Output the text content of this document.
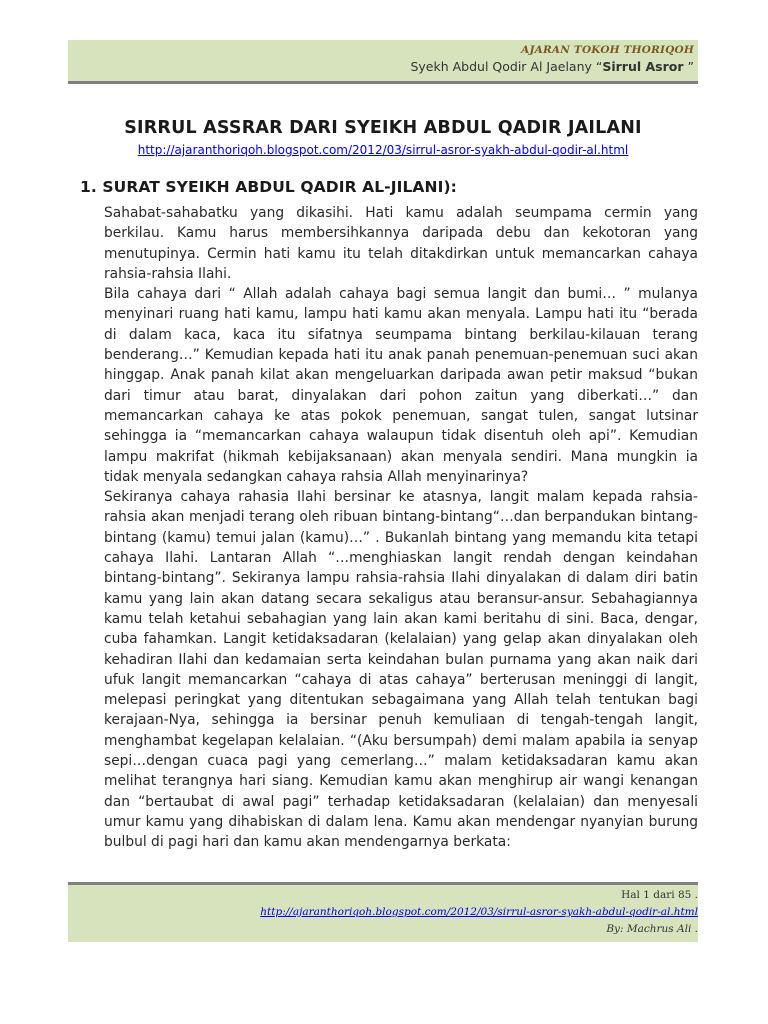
AJARAN TOKOH THORIQOH
Syekh Abdul Qodir Al Jaelany “Sirrul Asror ”
SIRRUL ASSRAR DARI SYEIKH ABDUL QADIR JAILANI
http://ajaranthoriqoh.blogspot.com/2012/03/sirrul-asror-syakh-abdul-qodir-al.html
1. SURAT SYEIKH ABDUL QADIR AL-JILANI):

Sahabat-sahabatku yang dikasihi. Hati kamu adalah seumpama cermin yang berkilau. Kamu harus membersihkannya daripada debu dan kekotoran yang menutupinya. Cermin hati kamu itu telah ditakdirkan untuk memancarkan cahaya rahsia-rahsia Ilahi.

Bila cahaya dari “ Allah adalah cahaya bagi semua langit dan bumi… ” mulanya menyinari ruang hati kamu, lampu hati kamu akan menyala. Lampu hati itu “berada di dalam kaca, kaca itu sifatnya seumpama bintang berkilau-kilauan terang benderang…” Kemudian kepada hati itu anak panah penemuan-penemuan suci akan hinggap. Anak panah kilat akan mengeluarkan daripada awan petir maksud “bukan dari timur atau barat, dinyalakan dari pohon zaitun yang diberkati…” dan memancarkan cahaya ke atas pokok penemuan, sangat tulen, sangat lutsinar sehingga ia “memancarkan cahaya walaupun tidak disentuh oleh api”. Kemudian lampu makrifat (hikmah kebijaksanaan) akan menyala sendiri. Mana mungkin ia tidak menyala sedangkan cahaya rahsia Allah menyinarinya?

Sekiranya cahaya rahasia Ilahi bersinar ke atasnya, langit malam kepada rahsia-rahsia akan menjadi terang oleh ribuan bintang-bintang“…dan berpandukan bintang-bintang (kamu) temui jalan (kamu)…” . Bukanlah bintang yang memandu kita tetapi cahaya Ilahi. Lantaran Allah “…menghiaskan langit rendah dengan keindahan bintang-bintang”. Sekiranya lampu rahsia-rahsia Ilahi dinyalakan di dalam diri batin kamu yang lain akan datang secara sekaligus atau beransur-ansur. Sebahagiannya kamu telah ketahui sebahagian yang lain akan kami beritahu di sini. Baca, dengar, cuba fahamkan. Langit ketidaksadaran (kelalaian) yang gelap akan dinyalakan oleh kehadiran Ilahi dan kedamaian serta keindahan bulan purnama yang akan naik dari ufuk langit memancarkan “cahaya di atas cahaya” berterusan meninggi di langit, melepasi peringkat yang ditentukan sebagaimana yang Allah telah tentukan bagi kerajaan-Nya, sehingga ia bersinar penuh kemuliaan di tengah-tengah langit, menghambat kegelapan kelalaian. “(Aku bersumpah) demi malam apabila ia senyap sepi…dengan cuaca pagi yang cemerlang…” malam ketidaksadaran kamu akan melihat terangnya hari siang. Kemudian kamu akan menghirup air wangi kenangan dan “bertaubat di awal pagi” terhadap ketidaksadaran (kelalaian) dan menyesali umur kamu yang dihabiskan di dalam lena. Kamu akan mendengar nyanyian burung bulbul di pagi hari dan kamu akan mendengarnya berkata:

Hal 1 dari 85 .
http://ajaranthoriqoh.blogspot.com/2012/03/sirrul-asror-syakh-abdul-qodir-al.html
By: Machrus Ali .
